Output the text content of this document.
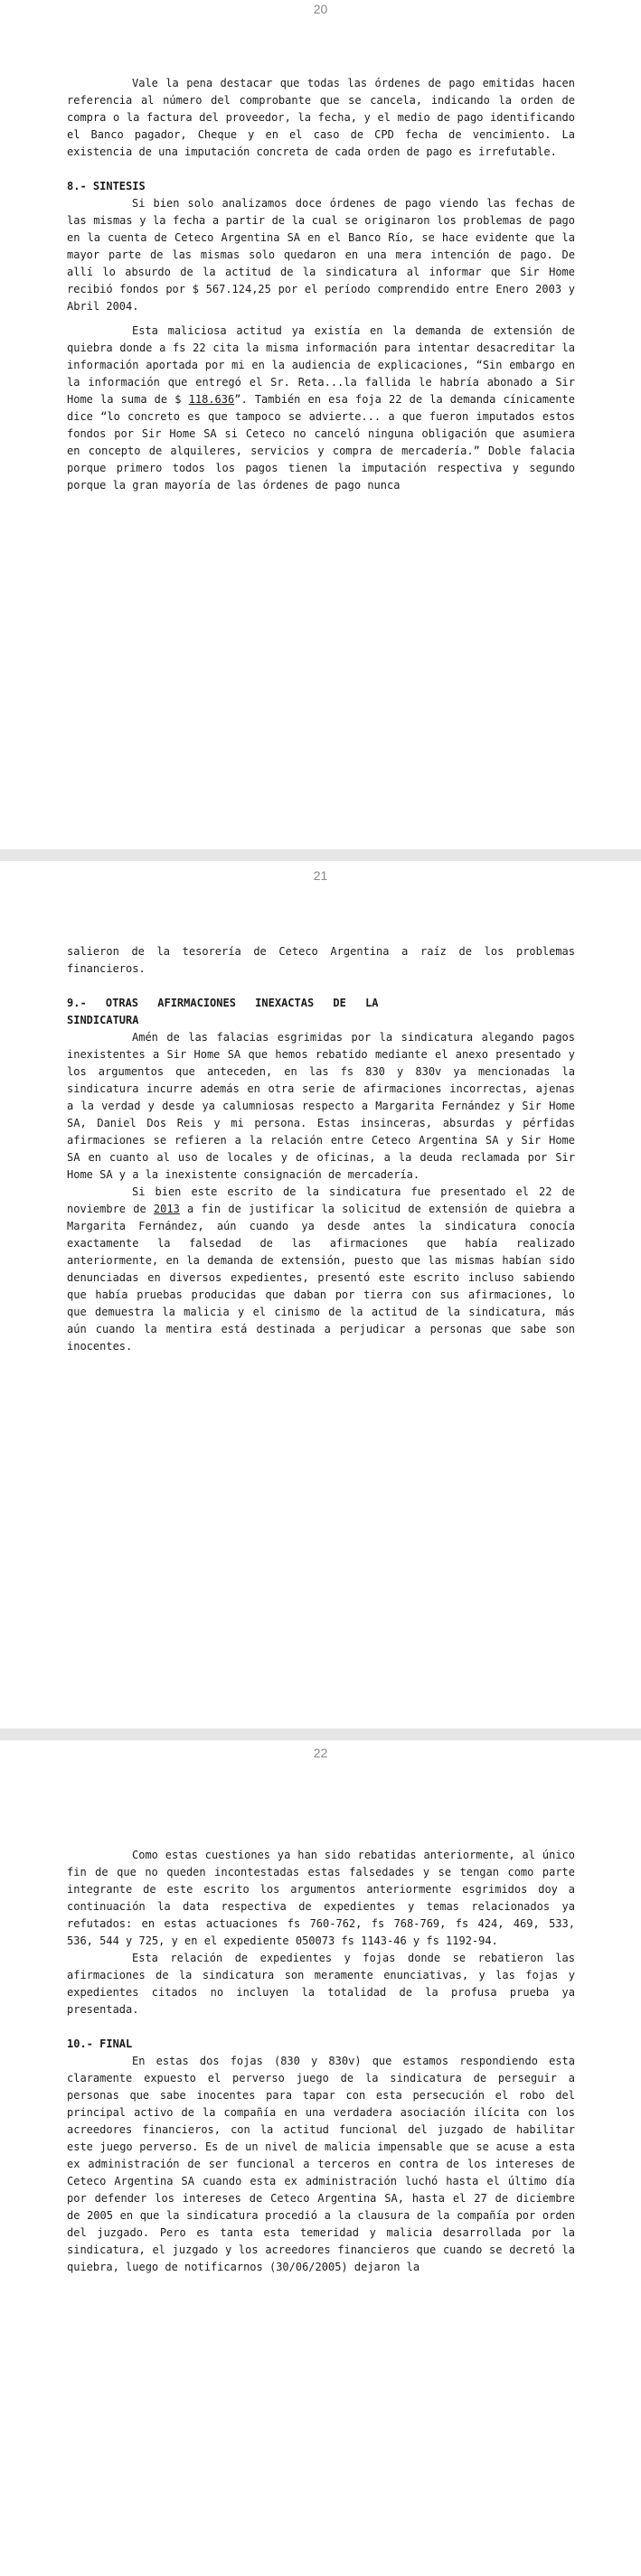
20

Vale la pena destacar que todas las órdenes de pago emitidas hacen referencia al número del comprobante que se cancela, indicando la orden de compra o la factura del proveedor, la fecha, y el medio de pago identificando el Banco pagador, Cheque y en el caso de CPD fecha de vencimiento. La existencia de una imputación concreta de cada orden de pago es irrefutable.

8.- SINTESIS

Si bien solo analizamos doce órdenes de pago viendo las fechas de las mismas y la fecha a partir de la cual se originaron los problemas de pago en la cuenta de Ceteco Argentina SA en el Banco Río, se hace evidente que la mayor parte de las mismas solo quedaron en una mera intención de pago. De allí lo absurdo de la actitud de la sindicatura al informar que Sir Home recibió fondos por $ 567.124,25 por el período comprendido entre Enero 2003 y Abril 2004.

Esta maliciosa actitud ya existía en la demanda de extensión de quiebra donde a fs 22 cita la misma información para intentar desacreditar la información aportada por mi en la audiencia de explicaciones, “Sin embargo en la información que entregó el Sr. Reta...la fallida le habría abonado a Sir Home la suma de $ 118.636”. También en esa foja 22 de la demanda cínicamente dice “lo concreto es que tampoco se advierte... a que fueron imputados estos fondos por Sir Home SA si Ceteco no canceló ninguna obligación que asumiera en concepto de alquileres, servicios y compra de mercadería.” Doble falacia porque primero todos los pagos tienen la imputación respectiva y segundo porque la gran mayoría de las órdenes de pago nunca

21

salieron de la tesorería de Ceteco Argentina a raíz de los problemas financieros.

9.- OTRAS AFIRMACIONES INEXACTAS DE LA

SINDICATURA

Amén de las falacias esgrimidas por la sindicatura alegando pagos inexistentes a Sir Home SA que hemos rebatido mediante el anexo presentado y los argumentos que anteceden, en las fs 830 y 830v ya mencionadas la sindicatura incurre además en otra serie de afirmaciones incorrectas, ajenas a la verdad y desde ya calumniosas respecto a Margarita Fernández y Sir Home SA, Daniel Dos Reis y mi persona. Estas insinceras, absurdas y pérfidas afirmaciones se refieren a la relación entre Ceteco Argentina SA y Sir Home SA en cuanto al uso de locales y de oficinas, a la deuda reclamada por Sir Home SA y a la inexistente consignación de mercadería.

Si bien este escrito de la sindicatura fue presentado el 22 de noviembre de 2013 a fin de justificar la solicitud de extensión de quiebra a Margarita Fernández, aún cuando ya desde antes la sindicatura conocía exactamente la falsedad de las afirmaciones que había realizado anteriormente, en la demanda de extensión, puesto que las mismas habían sido denunciadas en diversos expedientes, presentó este escrito incluso sabiendo que había pruebas producidas que daban por tierra con sus afirmaciones, lo que demuestra la malicia y el cinismo de la actitud de la sindicatura, más aún cuando la mentira está destinada a perjudicar a personas que sabe son inocentes.

22

Como estas cuestiones ya han sido rebatidas anteriormente, al único fin de que no queden incontestadas estas falsedades y se tengan como parte integrante de este escrito los argumentos anteriormente esgrimidos doy a continuación la data respectiva de expedientes y temas relacionados ya refutados: en estas actuaciones fs 760-762, fs 768-769, fs 424, 469, 533, 536, 544 y 725, y en el expediente 050073 fs 1143-46 y fs 1192-94.

Esta relación de expedientes y fojas donde se rebatieron las afirmaciones de la sindicatura son meramente enunciativas, y las fojas y expedientes citados no incluyen la totalidad de la profusa prueba ya presentada.

10.- FINAL

En estas dos fojas (830 y 830v) que estamos respondiendo esta claramente expuesto el perverso juego de la sindicatura de perseguir a personas que sabe inocentes para tapar con esta persecución el robo del principal activo de la compañía en una verdadera asociación ilícita con los acreedores financieros, con la actitud funcional del juzgado de habilitar este juego perverso. Es de un nivel de malicia impensable que se acuse a esta ex administración de ser funcional a terceros en contra de los intereses de Ceteco Argentina SA cuando esta ex administración luchó hasta el último día por defender los intereses de Ceteco Argentina SA, hasta el 27 de diciembre de 2005 en que la sindicatura procedió a la clausura de la compañía por orden del juzgado. Pero es tanta esta temeridad y malicia desarrollada por la sindicatura, el juzgado y los acreedores financieros que cuando se decretó la quiebra, luego de notificarnos (30/06/2005) dejaron la
